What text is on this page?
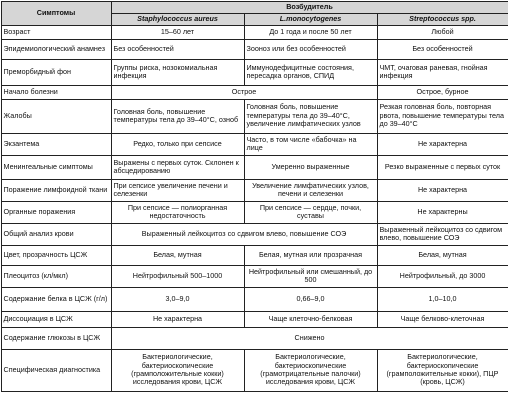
Симптомы	Возбудитель		
	Staphylococcus aureus	L.monocytogenes	Streptococcus spp.
Возраст	15–60 лет	До 1 года и после 50 лет	Любой
Эпидемиологический анамнез	Без особенностей	Зоонoз или без особенностей	Без особенностей
Преморбидный фон	Группы риска, нозокомиальная инфекция	Иммунодефицитные состояния, пересадка органов, СПИД	ЧМТ, очаговая раневая, гнойная инфекция
Начало болезни	Острое		Острое, бурное
Жалобы	Головная боль, повышение температуры тела до 39–40°С, озноб	Головная боль, повышение температуры тела до 39–40°С, увеличение лимфатических узлов	Резкая головная боль, повторная рвота, повышение температуры тела до 39–40°С
Экзантема	Редко, только при сепсисе	Часто, в том числе «бабочка» на лице	Не характерна
Менингеальные симптомы	Выражены с первых суток. Склонен к абсцедированию	Умеренно выраженные	Резко выраженные с первых суток
Поражение лимфоидной ткани	При сепсисе увеличение печени и селезенки	Увеличение лимфатических узлов, печени и селезенки	Не характерна
Органные поражения	При сепсисе — полиорганная недостаточность	При сепсисе — сердце, почки, суставы	Не характерны
Общий анализ крови	Выраженный лейкоцитоз со сдвигом влево, повышение СОЭ		Выраженный лейкоцитоз со сдвигом влево, повышение СОЭ
Цвет, прозрачность ЦСЖ	Белая, мутная	Белая, мутная или прозрачная	Белая, мутная
Плеоцитоз (кл/мкл)	Нейтрофильный 500–1000	Нейтрофильный или смешанный, до 500	Нейтрофильный, до 3000
Содержание белка в ЦСЖ (г/л)	3,0–9,0	0,66–9,0	1,0–10,0
Диссоциация в ЦСЖ	Не характерна	Чаще клеточно-белковая	Чаще белково-клеточная
Содержание глюкозы в ЦСЖ	Снижено		
Специфическая диагностика	Бактериологические, бактериоскопические (грамположительные кокки) исследования крови, ЦСЖ	Бактериологические, бактериоскопические (грамотрицательные палочки) исследования крови, ЦСЖ	Бактериологические, бактериоскопические (грамположительные кокки), ПЦР (кровь, ЦСЖ)
